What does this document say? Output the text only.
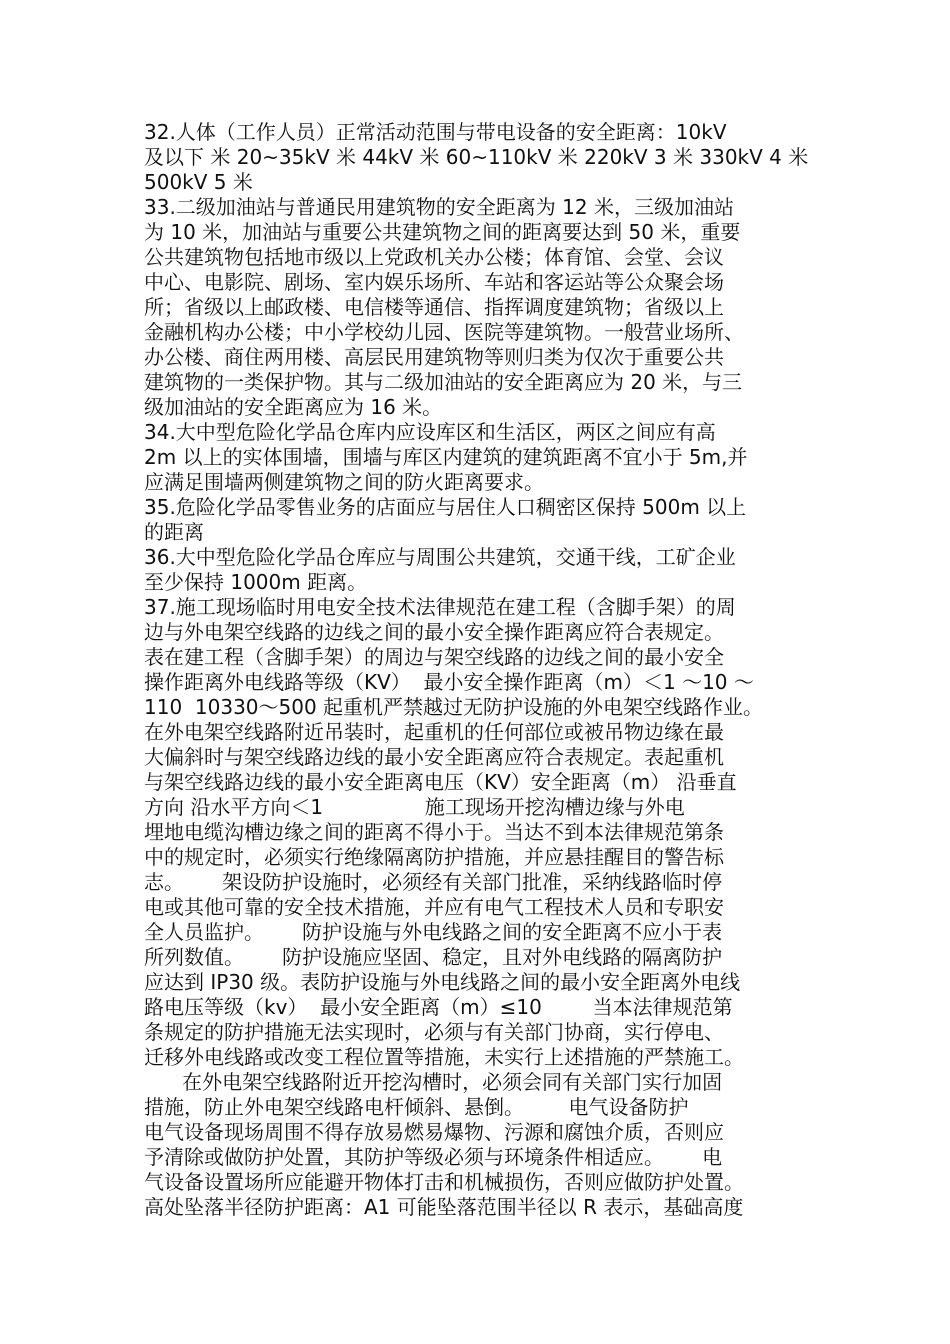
32.人体（工作人员）正常活动范围与带电设备的安全距离：10kV
及以下 米 20~35kV 米 44kV 米 60~110kV 米 220kV 3 米 330kV 4 米
500kV 5 米
33.二级加油站与普通民用建筑物的安全距离为 12 米，三级加油站
为 10 米，加油站与重要公共建筑物之间的距离要达到 50 米，重要
公共建筑物包括地市级以上党政机关办公楼；体育馆、会堂、会议
中心、电影院、剧场、室内娱乐场所、车站和客运站等公众聚会场
所；省级以上邮政楼、电信楼等通信、指挥调度建筑物；省级以上
金融机构办公楼；中小学校幼儿园、医院等建筑物。一般营业场所、
办公楼、商住两用楼、高层民用建筑物等则归类为仅次于重要公共
建筑物的一类保护物。其与二级加油站的安全距离应为 20 米，与三
级加油站的安全距离应为 16 米。
34.大中型危险化学品仓库内应设库区和生活区，两区之间应有高
2m 以上的实体围墙，围墙与库区内建筑的建筑距离不宜小于 5m,并
应满足围墙两侧建筑物之间的防火距离要求。
35.危险化学品零售业务的店面应与居住人口稠密区保持 500m 以上
的距离
36.大中型危险化学品仓库应与周围公共建筑，交通干线，工矿企业
至少保持 1000m 距离。
37.施工现场临时用电安全技术法律规范在建工程（含脚手架）的周
边与外电架空线路的边线之间的最小安全操作距离应符合表规定。
表在建工程（含脚手架）的周边与架空线路的边线之间的最小安全
操作距离外电线路等级（KV）  最小安全操作距离（m）＜1 ～10 ～
110  10330～500 起重机严禁越过无防护设施的外电架空线路作业。
在外电架空线路附近吊装时，起重机的任何部位或被吊物边缘在最
大偏斜时与架空线路边线的最小安全距离应符合表规定。表起重机
与架空线路边线的最小安全距离电压（KV）安全距离（m） 沿垂直
方向 沿水平方向＜1                施工现场开挖沟槽边缘与外电
埋地电缆沟槽边缘之间的距离不得小于。当达不到本法律规范第条
中的规定时，必须实行绝缘隔离防护措施，并应悬挂醒目的警告标
志。      架设防护设施时，必须经有关部门批准，采纳线路临时停
电或其他可靠的安全技术措施，并应有电气工程技术人员和专职安
全人员监护。      防护设施与外电线路之间的安全距离不应小于表
所列数值。      防护设施应坚固、稳定，且对外电线路的隔离防护
应达到 IP30 级。表防护设施与外电线路之间的最小安全距离外电线
路电压等级（kv）  最小安全距离（m）≤10        当本法律规范第
条规定的防护措施无法实现时，必须与有关部门协商，实行停电、
迁移外电线路或改变工程位置等措施，未实行上述措施的严禁施工。
在外电架空线路附近开挖沟槽时，必须会同有关部门实行加固
措施，防止外电架空线路电杆倾斜、悬倒。       电气设备防护
电气设备现场周围不得存放易燃易爆物、污源和腐蚀介质，否则应
予清除或做防护处置，其防护等级必须与环境条件相适应。      电
气设备设置场所应能避开物体打击和机械损伤，否则应做防护处置。
高处坠落半径防护距离：A1 可能坠落范围半径以 R 表示，基础高度
